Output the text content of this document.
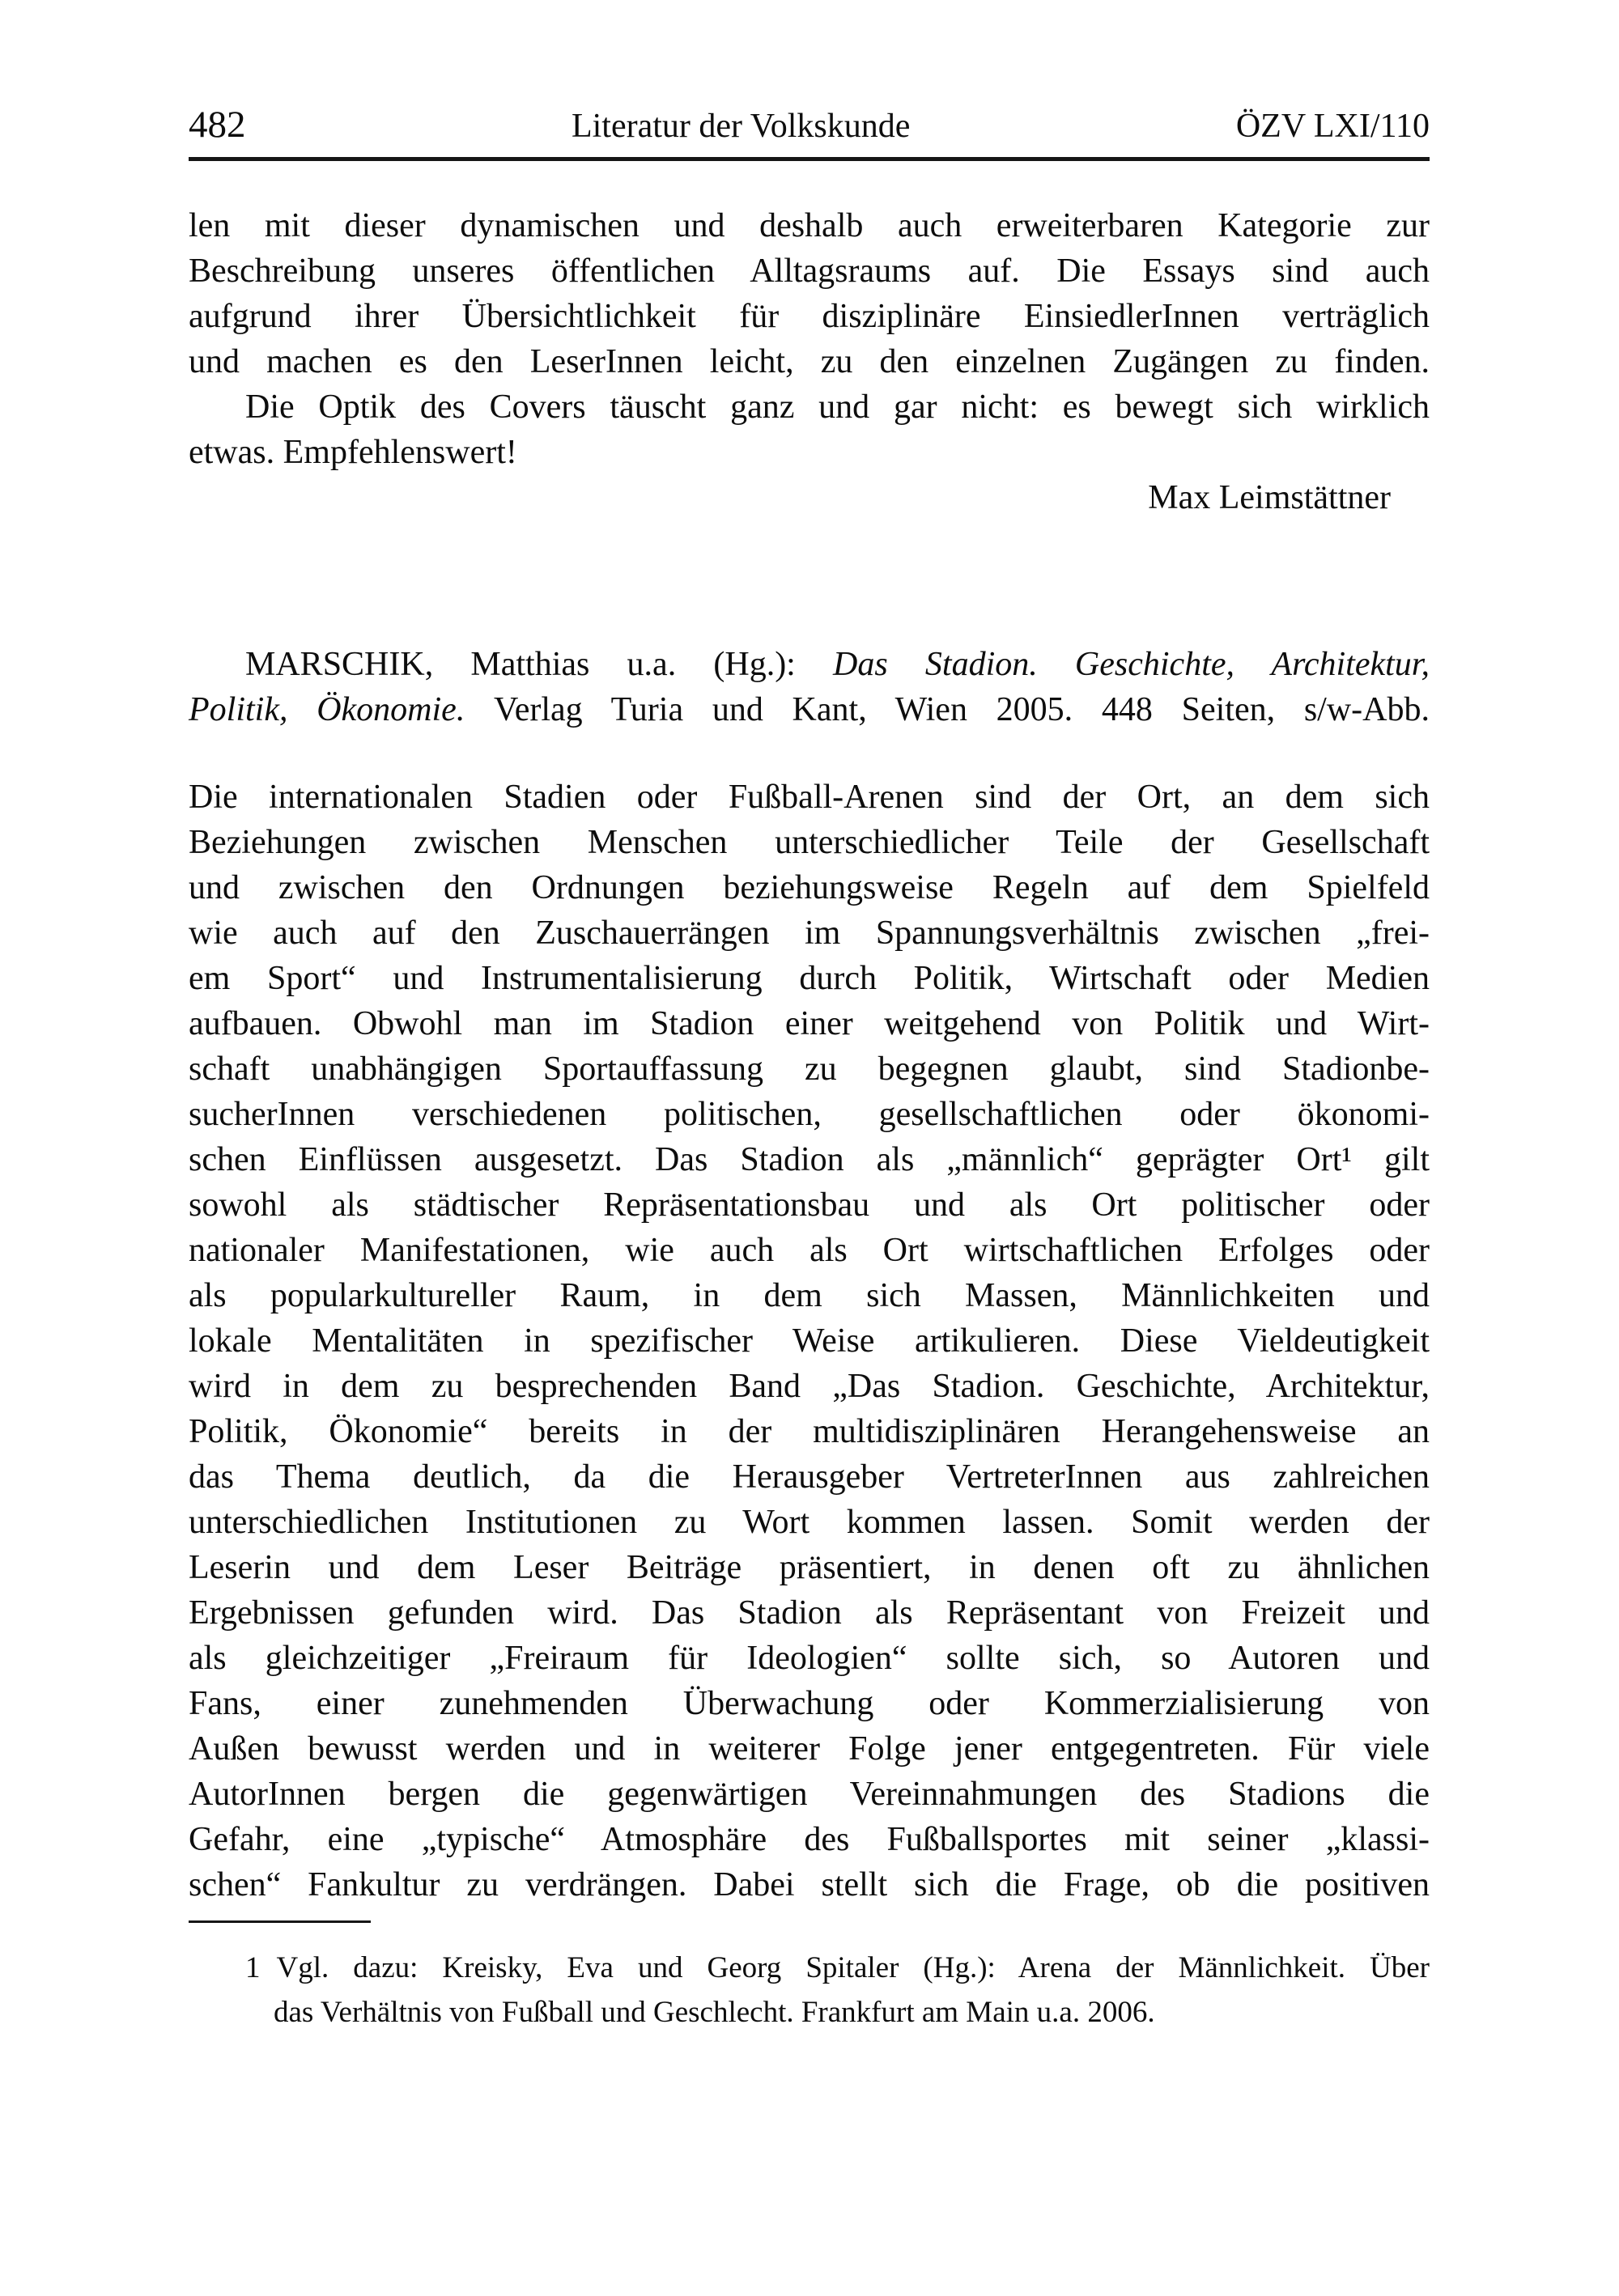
482	Literatur der Volkskunde	ÖZV LXI/110
len mit dieser dynamischen und deshalb auch erweiterbaren Kategorie zur
Beschreibung unseres öffentlichen Alltagsraums auf. Die Essays sind auch
aufgrund ihrer Übersichtlichkeit für disziplinäre EinsiedlerInnen verträglich
und machen es den LeserInnen leicht, zu den einzelnen Zugängen zu finden.
Die Optik des Covers täuscht ganz und gar nicht: es bewegt sich wirklich
etwas. Empfehlenswert!
Max Leimstättner
MARSCHIK, Matthias u.a. (Hg.): Das Stadion. Geschichte, Architektur,
Politik, Ökonomie. Verlag Turia und Kant, Wien 2005. 448 Seiten, s/w-Abb.
Die internationalen Stadien oder Fußball-Arenen sind der Ort, an dem sich
Beziehungen zwischen Menschen unterschiedlicher Teile der Gesellschaft
und zwischen den Ordnungen beziehungsweise Regeln auf dem Spielfeld
wie auch auf den Zuschauerrängen im Spannungsverhältnis zwischen „frei-
em Sport“ und Instrumentalisierung durch Politik, Wirtschaft oder Medien
aufbauen. Obwohl man im Stadion einer weitgehend von Politik und Wirt-
schaft unabhängigen Sportauffassung zu begegnen glaubt, sind Stadionbe-
sucherInnen verschiedenen politischen, gesellschaftlichen oder ökonomi-
schen Einflüssen ausgesetzt. Das Stadion als „männlich“ geprägter Ort¹ gilt
sowohl als städtischer Repräsentationsbau und als Ort politischer oder
nationaler Manifestationen, wie auch als Ort wirtschaftlichen Erfolges oder
als popularkultureller Raum, in dem sich Massen, Männlichkeiten und
lokale Mentalitäten in spezifischer Weise artikulieren. Diese Vieldeutigkeit
wird in dem zu besprechenden Band „Das Stadion. Geschichte, Architektur,
Politik, Ökonomie“ bereits in der multidisziplinären Herangehensweise an
das Thema deutlich, da die Herausgeber VertreterInnen aus zahlreichen
unterschiedlichen Institutionen zu Wort kommen lassen. Somit werden der
Leserin und dem Leser Beiträge präsentiert, in denen oft zu ähnlichen
Ergebnissen gefunden wird. Das Stadion als Repräsentant von Freizeit und
als gleichzeitiger „Freiraum für Ideologien“ sollte sich, so Autoren und
Fans, einer zunehmenden Überwachung oder Kommerzialisierung von
Außen bewusst werden und in weiterer Folge jener entgegentreten. Für viele
AutorInnen bergen die gegenwärtigen Vereinnahmungen des Stadions die
Gefahr, eine „typische“ Atmosphäre des Fußballsportes mit seiner „klassi-
schen“ Fankultur zu verdrängen. Dabei stellt sich die Frage, ob die positiven
1 Vgl. dazu: Kreisky, Eva und Georg Spitaler (Hg.): Arena der Männlichkeit. Über
das Verhältnis von Fußball und Geschlecht. Frankfurt am Main u.a. 2006.
